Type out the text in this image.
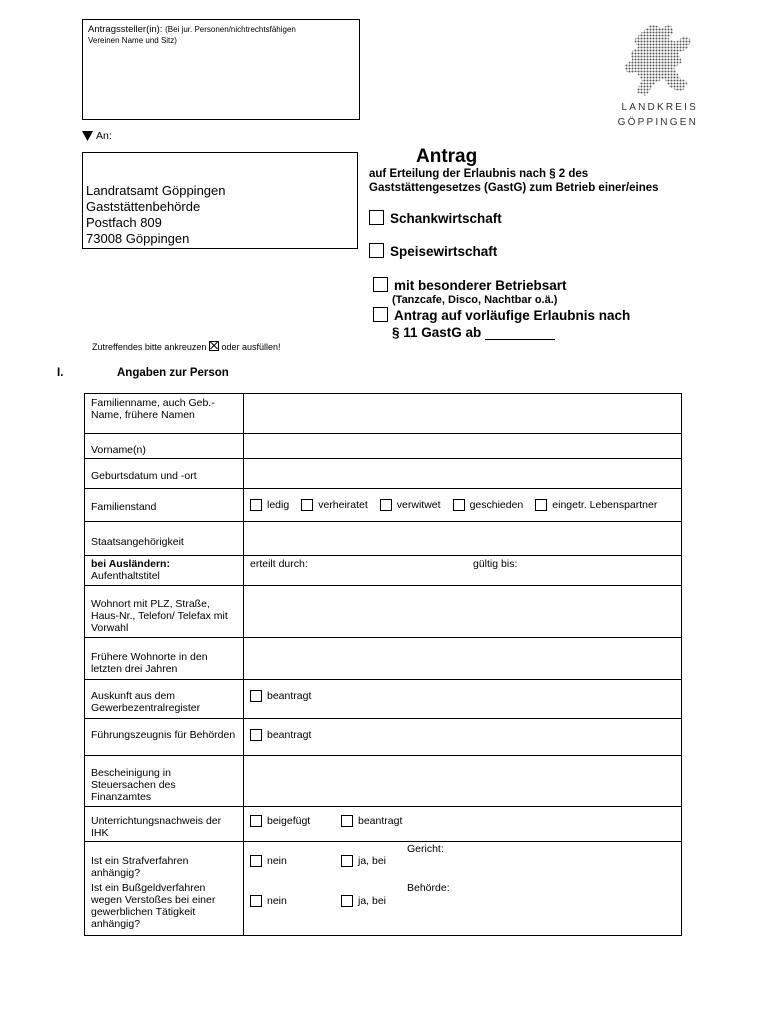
Antragssteller(in): (Bei jur. Personen/nichtrechtsfähigen
Vereinen Name und Sitz)
LANDKREIS
GÖPPINGEN
An:
Landratsamt Göppingen
Gaststättenbehörde
Postfach 809
73008 Göppingen
Antrag
auf Erteilung der Erlaubnis nach § 2 des
Gaststättengesetzes (GastG) zum Betrieb einer/eines
Schankwirtschaft
Speisewirtschaft
mit besonderer Betriebsart
(Tanzcafe, Disco, Nachtbar o.ä.)
Antrag auf vorläufige Erlaubnis nach
§ 11 GastG ab
Zutreffendes bitte ankreuzen ☒ oder ausfüllen!
I.	Angaben zur Person
Familienname, auch Geb.-Name, frühere Namen	
Vorname(n)	
Geburtsdatum und -ort	
Familienstand	ledig verheiratet verwitwet geschieden eingetr. Lebenspartner

Staatsangehörigkeit	
bei Ausländern:
Aufenthaltstitel	erteilt durch: gültig bis:

Wohnort mit PLZ, Straße, Haus-Nr., Telefon/ Telefax mit Vorwahl	
Frühere Wohnorte in den letzten drei Jahren	
Auskunft aus dem Gewerbezentralregister	beantragt

Führungszeugnis für Behörden	beantragt

Bescheinigung in Steuersachen des Finanzamtes	
Unterrichtungsnachweis der IHK	beigefügt beantragt

Ist ein Strafverfahren anhängig?	Gericht:
nein ja, bei

Ist ein Bußgeldverfahren wegen Verstoßes bei einer gewerblichen Tätigkeit anhängig?	Behörde:
nein ja, bei
